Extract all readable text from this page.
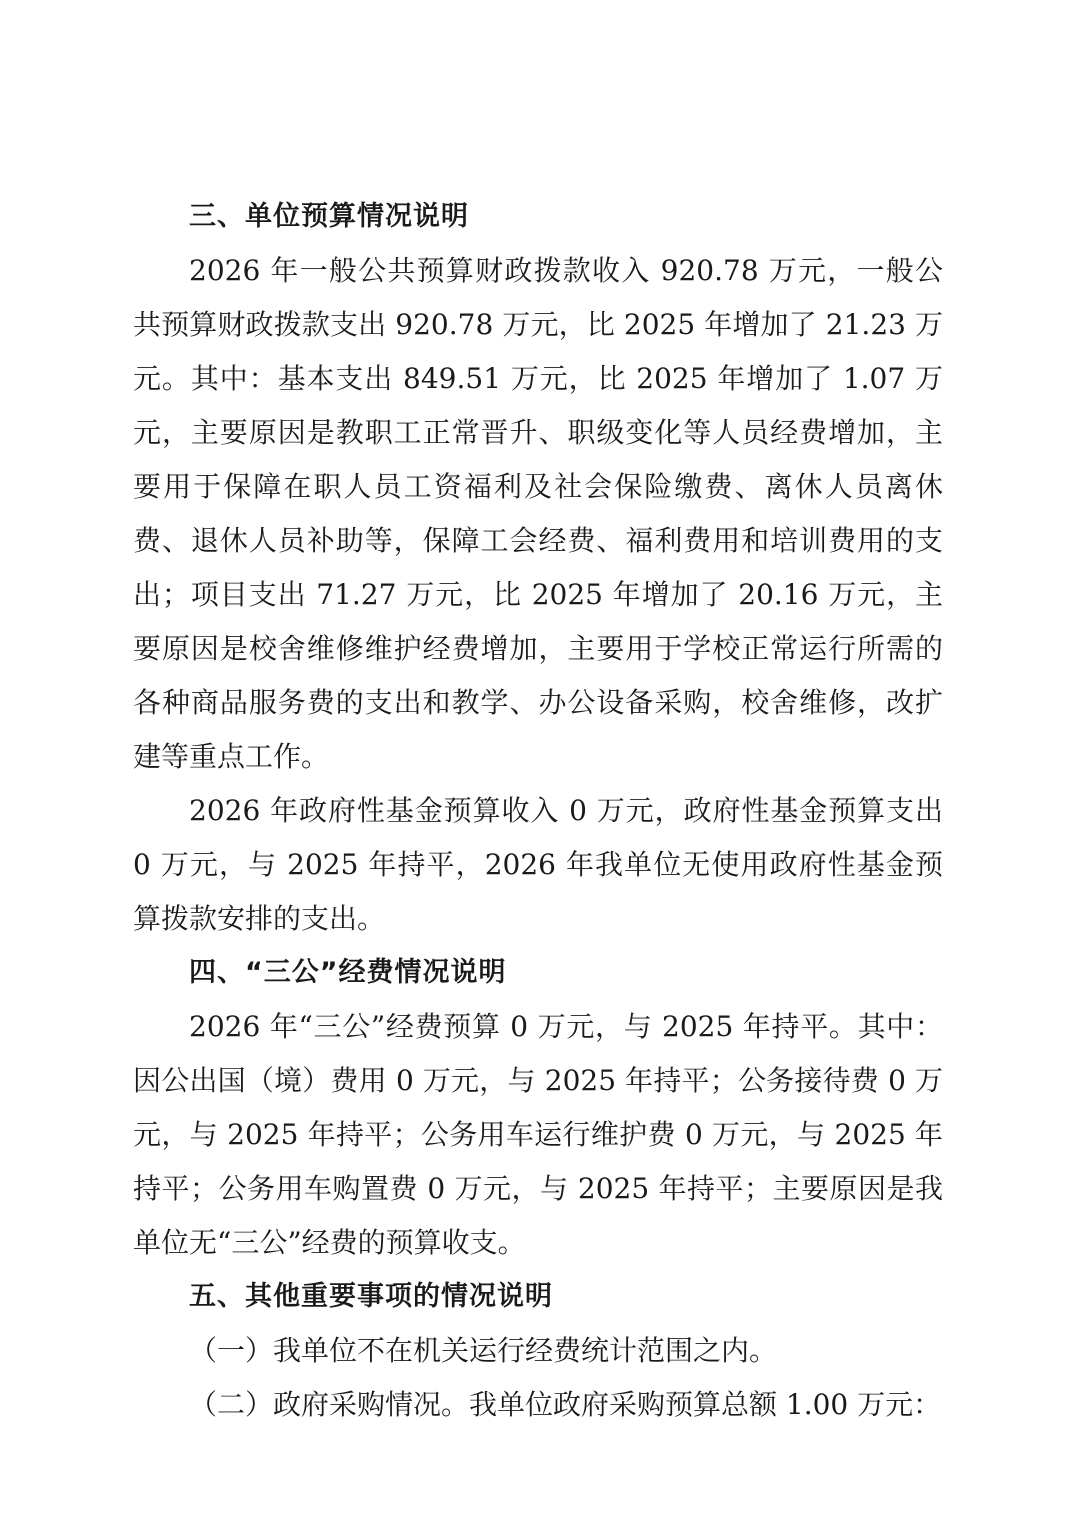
三、单位预算情况说明

2026 年一般公共预算财政拨款收入 920.78 万元，一般公共预算财政拨款支出 920.78 万元，比 2025 年增加了 21.23 万元。其中：基本支出 849.51 万元，比 2025 年增加了 1.07 万元，主要原因是教职工正常晋升、职级变化等人员经费增加，主要用于保障在职人员工资福利及社会保险缴费、离休人员离休费、退休人员补助等，保障工会经费、福利费用和培训费用的支出；项目支出 71.27 万元，比 2025 年增加了 20.16 万元，主要原因是校舍维修维护经费增加，主要用于学校正常运行所需的各种商品服务费的支出和教学、办公设备采购，校舍维修，改扩建等重点工作。

2026 年政府性基金预算收入 0 万元，政府性基金预算支出 0 万元，与 2025 年持平，2026 年我单位无使用政府性基金预算拨款安排的支出。

四、“三公”经费情况说明

2026 年“三公”经费预算 0 万元，与 2025 年持平。其中：因公出国（境）费用 0 万元，与 2025 年持平；公务接待费 0 万元，与 2025 年持平；公务用车运行维护费 0 万元，与 2025 年持平；公务用车购置费 0 万元，与 2025 年持平；主要原因是我单位无“三公”经费的预算收支。

五、其他重要事项的情况说明

（一）我单位不在机关运行经费统计范围之内。

（二）政府采购情况。我单位政府采购预算总额 1.00 万元：
